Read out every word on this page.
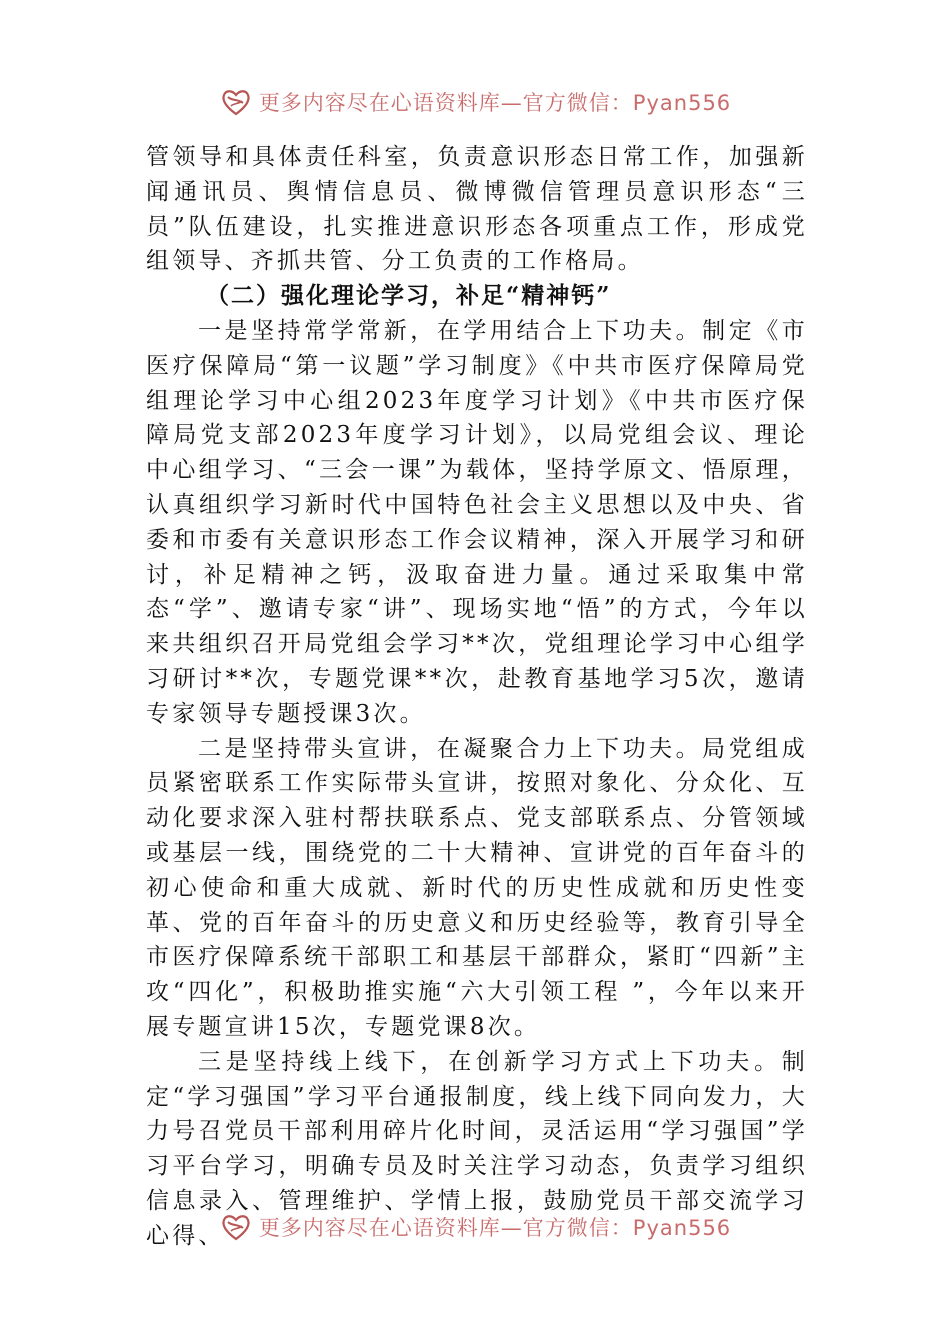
更多内容尽在心语资料库—官方微信：Pyan556

管领导和具体责任科室，负责意识形态日常工作，加强新闻通讯员、舆情信息员、微博微信管理员意识形态“三员”队伍建设，扎实推进意识形态各项重点工作，形成党组领导、齐抓共管、分工负责的工作格局。

（二）强化理论学习，补足“精神钙”

一是坚持常学常新，在学用结合上下功夫。制定《市医疗保障局“第一议题”学习制度》《中共市医疗保障局党组理论学习中心组2023年度学习计划》《中共市医疗保障局党支部2023年度学习计划》，以局党组会议、理论中心组学习、“三会一课”为载体，坚持学原文、悟原理，认真组织学习新时代中国特色社会主义思想以及中央、省委和市委有关意识形态工作会议精神，深入开展学习和研讨，补足精神之钙，汲取奋进力量。通过采取集中常态“学”、邀请专家“讲”、现场实地“悟”的方式，今年以来共组织召开局党组会学习**次，党组理论学习中心组学习研讨**次，专题党课**次，赴教育基地学习5次，邀请专家领导专题授课3次。

二是坚持带头宣讲，在凝聚合力上下功夫。局党组成员紧密联系工作实际带头宣讲，按照对象化、分众化、互动化要求深入驻村帮扶联系点、党支部联系点、分管领域或基层一线，围绕党的二十大精神、宣讲党的百年奋斗的初心使命和重大成就、新时代的历史性成就和历史性变革、党的百年奋斗的历史意义和历史经验等，教育引导全市医疗保障系统干部职工和基层干部群众，紧盯“四新”主攻“四化”，积极助推实施“六大引领工程 ”，今年以来开展专题宣讲15次，专题党课8次。

三是坚持线上线下，在创新学习方式上下功夫。制定“学习强国”学习平台通报制度，线上线下同向发力，大力号召党员干部利用碎片化时间，灵活运用“学习强国”学习平台学习，明确专员及时关注学习动态，负责学习组织信息录入、管理维护、学情上报，鼓励党员干部交流学习心得、	更多内容尽在心语资料库—官方微信：Pyan556
